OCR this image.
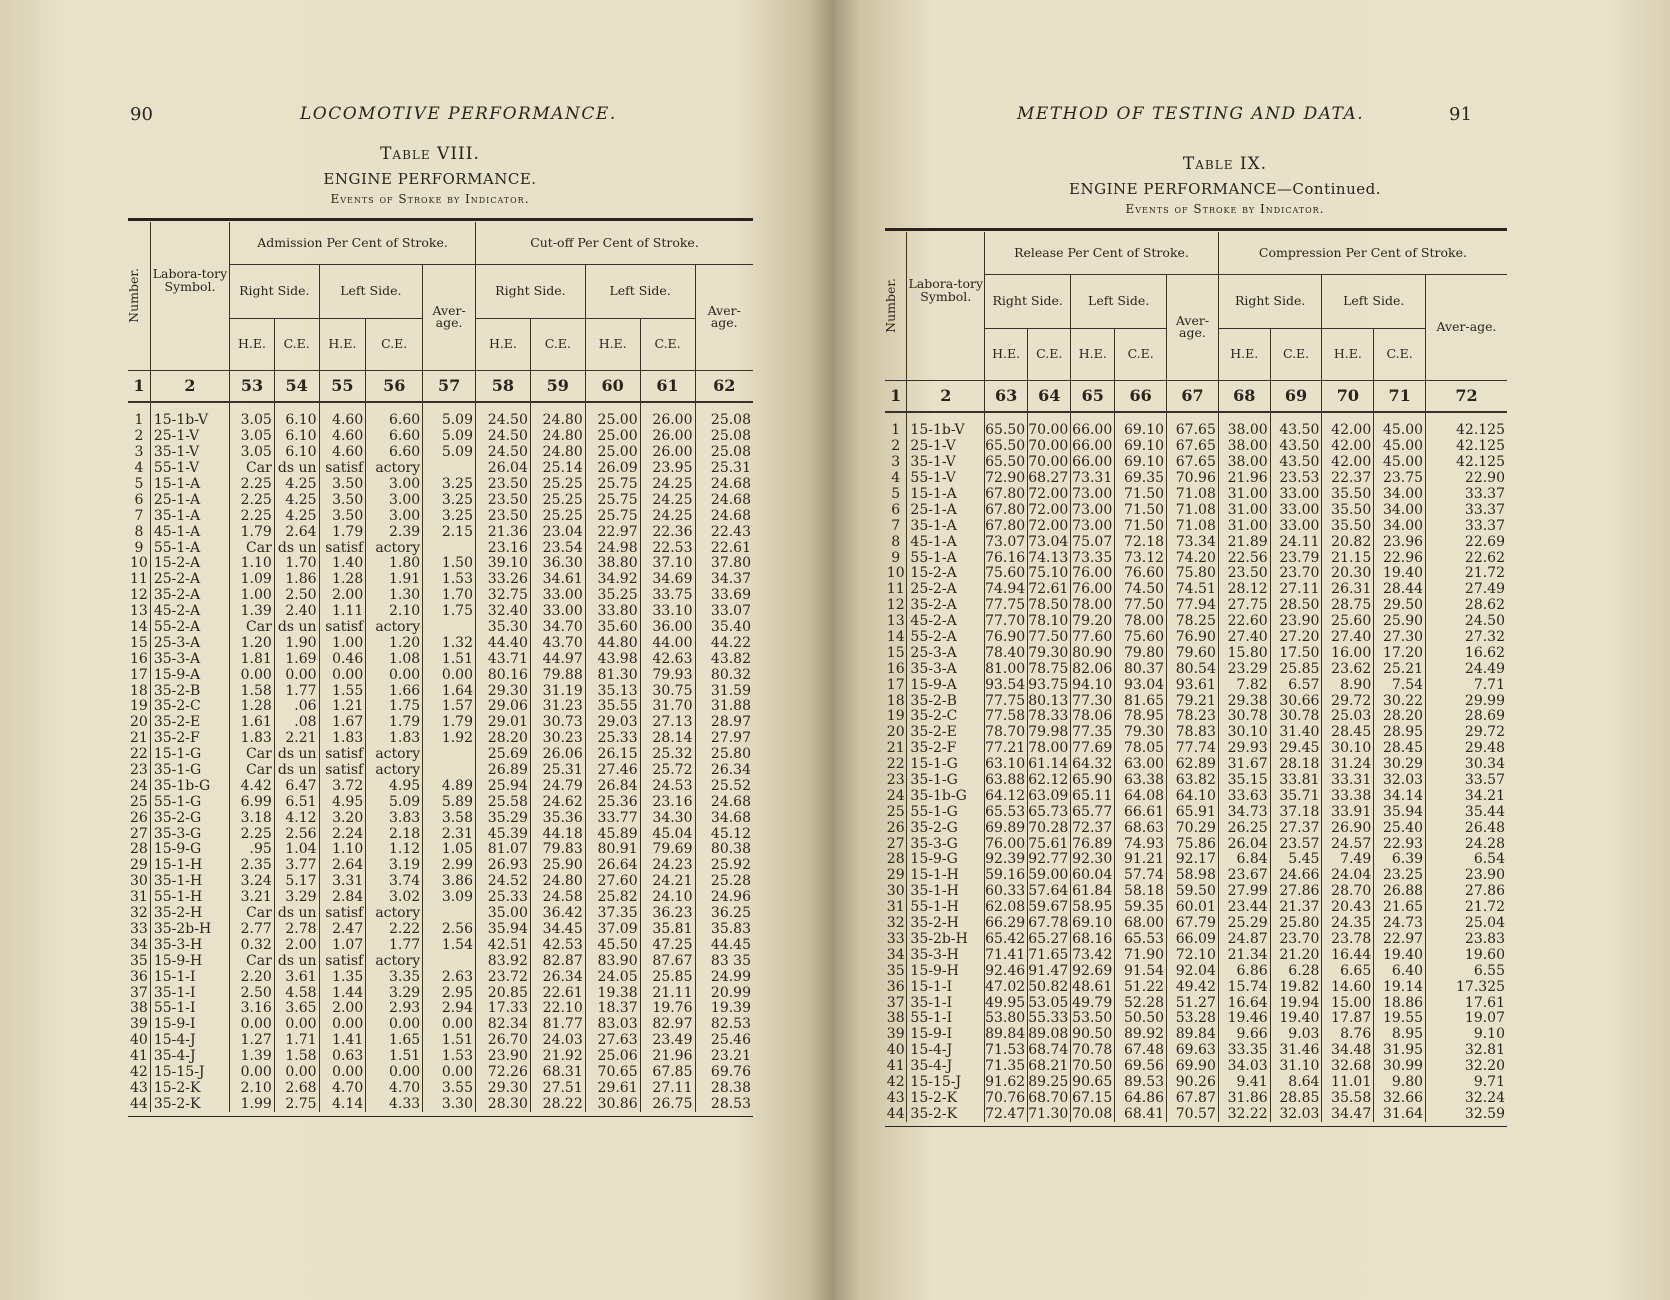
90	LOCOMOTIVE PERFORMANCE.
Table VIII.
ENGINE PERFORMANCE.
Events of Stroke by Indicator.
Number.	Labora-tory Symbol.	Admission Per Cent of Stroke.					Cut-off Per Cent of Stroke.				
		Right Side.		Left Side.		Aver-age.	Right Side.		Left Side.		Aver-age.
		H.E.	C.E.	H.E.	C.E.		H.E.	C.E.	H.E.	C.E.	
1	2	53	54	55	56	57	58	59	60	61	62
1	15-1b-V	3.05	6.10	4.60	6.60	5.09	24.50	24.80	25.00	26.00	25.08
2	25-1-V	3.05	6.10	4.60	6.60	5.09	24.50	24.80	25.00	26.00	25.08
3	35-1-V	3.05	6.10	4.60	6.60	5.09	24.50	24.80	25.00	26.00	25.08
4	55-1-V	Car	ds un	satisf	actory		26.04	25.14	26.09	23.95	25.31
5	15-1-A	2.25	4.25	3.50	3.00	3.25	23.50	25.25	25.75	24.25	24.68
6	25-1-A	2.25	4.25	3.50	3.00	3.25	23.50	25.25	25.75	24.25	24.68
7	35-1-A	2.25	4.25	3.50	3.00	3.25	23.50	25.25	25.75	24.25	24.68
8	45-1-A	1.79	2.64	1.79	2.39	2.15	21.36	23.04	22.97	22.36	22.43
9	55-1-A	Car	ds un	satisf	actory		23.16	23.54	24.98	22.53	22.61
10	15-2-A	1.10	1.70	1.40	1.80	1.50	39.10	36.30	38.80	37.10	37.80
11	25-2-A	1.09	1.86	1.28	1.91	1.53	33.26	34.61	34.92	34.69	34.37
12	35-2-A	1.00	2.50	2.00	1.30	1.70	32.75	33.00	35.25	33.75	33.69
13	45-2-A	1.39	2.40	1.11	2.10	1.75	32.40	33.00	33.80	33.10	33.07
14	55-2-A	Car	ds un	satisf	actory		35.30	34.70	35.60	36.00	35.40
15	25-3-A	1.20	1.90	1.00	1.20	1.32	44.40	43.70	44.80	44.00	44.22
16	35-3-A	1.81	1.69	0.46	1.08	1.51	43.71	44.97	43.98	42.63	43.82
17	15-9-A	0.00	0.00	0.00	0.00	0.00	80.16	79.88	81.30	79.93	80.32
18	35-2-B	1.58	1.77	1.55	1.66	1.64	29.30	31.19	35.13	30.75	31.59
19	35-2-C	1.28	.06	1.21	1.75	1.57	29.06	31.23	35.55	31.70	31.88
20	35-2-E	1.61	.08	1.67	1.79	1.79	29.01	30.73	29.03	27.13	28.97
21	35-2-F	1.83	2.21	1.83	1.83	1.92	28.20	30.23	25.33	28.14	27.97
22	15-1-G	Car	ds un	satisf	actory		25.69	26.06	26.15	25.32	25.80
23	35-1-G	Car	ds un	satisf	actory		26.89	25.31	27.46	25.72	26.34
24	35-1b-G	4.42	6.47	3.72	4.95	4.89	25.94	24.79	26.84	24.53	25.52
25	55-1-G	6.99	6.51	4.95	5.09	5.89	25.58	24.62	25.36	23.16	24.68
26	35-2-G	3.18	4.12	3.20	3.83	3.58	35.29	35.36	33.77	34.30	34.68
27	35-3-G	2.25	2.56	2.24	2.18	2.31	45.39	44.18	45.89	45.04	45.12
28	15-9-G	.95	1.04	1.10	1.12	1.05	81.07	79.83	80.91	79.69	80.38
29	15-1-H	2.35	3.77	2.64	3.19	2.99	26.93	25.90	26.64	24.23	25.92
30	35-1-H	3.24	5.17	3.31	3.74	3.86	24.52	24.80	27.60	24.21	25.28
31	55-1-H	3.21	3.29	2.84	3.02	3.09	25.33	24.58	25.82	24.10	24.96
32	35-2-H	Car	ds un	satisf	actory		35.00	36.42	37.35	36.23	36.25
33	35-2b-H	2.77	2.78	2.47	2.22	2.56	35.94	34.45	37.09	35.81	35.83
34	35-3-H	0.32	2.00	1.07	1.77	1.54	42.51	42.53	45.50	47.25	44.45
35	15-9-H	Car	ds un	satisf	actory		83.92	82.87	83.90	87.67	83 35
36	15-1-I	2.20	3.61	1.35	3.35	2.63	23.72	26.34	24.05	25.85	24.99
37	35-1-I	2.50	4.58	1.44	3.29	2.95	20.85	22.61	19.38	21.11	20.99
38	55-1-I	3.16	3.65	2.00	2.93	2.94	17.33	22.10	18.37	19.76	19.39
39	15-9-I	0.00	0.00	0.00	0.00	0.00	82.34	81.77	83.03	82.97	82.53
40	15-4-J	1.27	1.71	1.41	1.65	1.51	26.70	24.03	27.63	23.49	25.46
41	35-4-J	1.39	1.58	0.63	1.51	1.53	23.90	21.92	25.06	21.96	23.21
42	15-15-J	0.00	0.00	0.00	0.00	0.00	72.26	68.31	70.65	67.85	69.76
43	15-2-K	2.10	2.68	4.70	4.70	3.55	29.30	27.51	29.61	27.11	28.38
44	35-2-K	1.99	2.75	4.14	4.33	3.30	28.30	28.22	30.86	26.75	28.53
METHOD OF TESTING AND DATA.	91
Table IX.
ENGINE PERFORMANCE—Continued.
Events of Stroke by Indicator.
Number.	Labora-tory Symbol.	Release Per Cent of Stroke.					Compression Per Cent of Stroke.				
		Right Side.		Left Side.		Aver-age.	Right Side.		Left Side.		Aver-age.
		H.E.	C.E.	H.E.	C.E.		H.E.	C.E.	H.E.	C.E.	
1	2	63	64	65	66	67	68	69	70	71	72
1	15-1b-V	65.50	70.00	66.00	69.10	67.65	38.00	43.50	42.00	45.00	42.125
2	25-1-V	65.50	70.00	66.00	69.10	67.65	38.00	43.50	42.00	45.00	42.125
3	35-1-V	65.50	70.00	66.00	69.10	67.65	38.00	43.50	42.00	45.00	42.125
4	55-1-V	72.90	68.27	73.31	69.35	70.96	21.96	23.53	22.37	23.75	22.90
5	15-1-A	67.80	72.00	73.00	71.50	71.08	31.00	33.00	35.50	34.00	33.37
6	25-1-A	67.80	72.00	73.00	71.50	71.08	31.00	33.00	35.50	34.00	33.37
7	35-1-A	67.80	72.00	73.00	71.50	71.08	31.00	33.00	35.50	34.00	33.37
8	45-1-A	73.07	73.04	75.07	72.18	73.34	21.89	24.11	20.82	23.96	22.69
9	55-1-A	76.16	74.13	73.35	73.12	74.20	22.56	23.79	21.15	22.96	22.62
10	15-2-A	75.60	75.10	76.00	76.60	75.80	23.50	23.70	20.30	19.40	21.72
11	25-2-A	74.94	72.61	76.00	74.50	74.51	28.12	27.11	26.31	28.44	27.49
12	35-2-A	77.75	78.50	78.00	77.50	77.94	27.75	28.50	28.75	29.50	28.62
13	45-2-A	77.70	78.10	79.20	78.00	78.25	22.60	23.90	25.60	25.90	24.50
14	55-2-A	76.90	77.50	77.60	75.60	76.90	27.40	27.20	27.40	27.30	27.32
15	25-3-A	78.40	79.30	80.90	79.80	79.60	15.80	17.50	16.00	17.20	16.62
16	35-3-A	81.00	78.75	82.06	80.37	80.54	23.29	25.85	23.62	25.21	24.49
17	15-9-A	93.54	93.75	94.10	93.04	93.61	7.82	6.57	8.90	7.54	7.71
18	35-2-B	77.75	80.13	77.30	81.65	79.21	29.38	30.66	29.72	30.22	29.99
19	35-2-C	77.58	78.33	78.06	78.95	78.23	30.78	30.78	25.03	28.20	28.69
20	35-2-E	78.70	79.98	77.35	79.30	78.83	30.10	31.40	28.45	28.95	29.72
21	35-2-F	77.21	78.00	77.69	78.05	77.74	29.93	29.45	30.10	28.45	29.48
22	15-1-G	63.10	61.14	64.32	63.00	62.89	31.67	28.18	31.24	30.29	30.34
23	35-1-G	63.88	62.12	65.90	63.38	63.82	35.15	33.81	33.31	32.03	33.57
24	35-1b-G	64.12	63.09	65.11	64.08	64.10	33.63	35.71	33.38	34.14	34.21
25	55-1-G	65.53	65.73	65.77	66.61	65.91	34.73	37.18	33.91	35.94	35.44
26	35-2-G	69.89	70.28	72.37	68.63	70.29	26.25	27.37	26.90	25.40	26.48
27	35-3-G	76.00	75.61	76.89	74.93	75.86	26.04	23.57	24.57	22.93	24.28
28	15-9-G	92.39	92.77	92.30	91.21	92.17	6.84	5.45	7.49	6.39	6.54
29	15-1-H	59.16	59.00	60.04	57.74	58.98	23.67	24.66	24.04	23.25	23.90
30	35-1-H	60.33	57.64	61.84	58.18	59.50	27.99	27.86	28.70	26.88	27.86
31	55-1-H	62.08	59.67	58.95	59.35	60.01	23.44	21.37	20.43	21.65	21.72
32	35-2-H	66.29	67.78	69.10	68.00	67.79	25.29	25.80	24.35	24.73	25.04
33	35-2b-H	65.42	65.27	68.16	65.53	66.09	24.87	23.70	23.78	22.97	23.83
34	35-3-H	71.41	71.65	73.42	71.90	72.10	21.34	21.20	16.44	19.40	19.60
35	15-9-H	92.46	91.47	92.69	91.54	92.04	6.86	6.28	6.65	6.40	6.55
36	15-1-I	47.02	50.82	48.61	51.22	49.42	15.74	19.82	14.60	19.14	17.325
37	35-1-I	49.95	53.05	49.79	52.28	51.27	16.64	19.94	15.00	18.86	17.61
38	55-1-I	53.80	55.33	53.50	50.50	53.28	19.46	19.40	17.87	19.55	19.07
39	15-9-I	89.84	89.08	90.50	89.92	89.84	9.66	9.03	8.76	8.95	9.10
40	15-4-J	71.53	68.74	70.78	67.48	69.63	33.35	31.46	34.48	31.95	32.81
41	35-4-J	71.35	68.21	70.50	69.56	69.90	34.03	31.10	32.68	30.99	32.20
42	15-15-J	91.62	89.25	90.65	89.53	90.26	9.41	8.64	11.01	9.80	9.71
43	15-2-K	70.76	68.70	67.15	64.86	67.87	31.86	28.85	35.58	32.66	32.24
44	35-2-K	72.47	71.30	70.08	68.41	70.57	32.22	32.03	34.47	31.64	32.59
